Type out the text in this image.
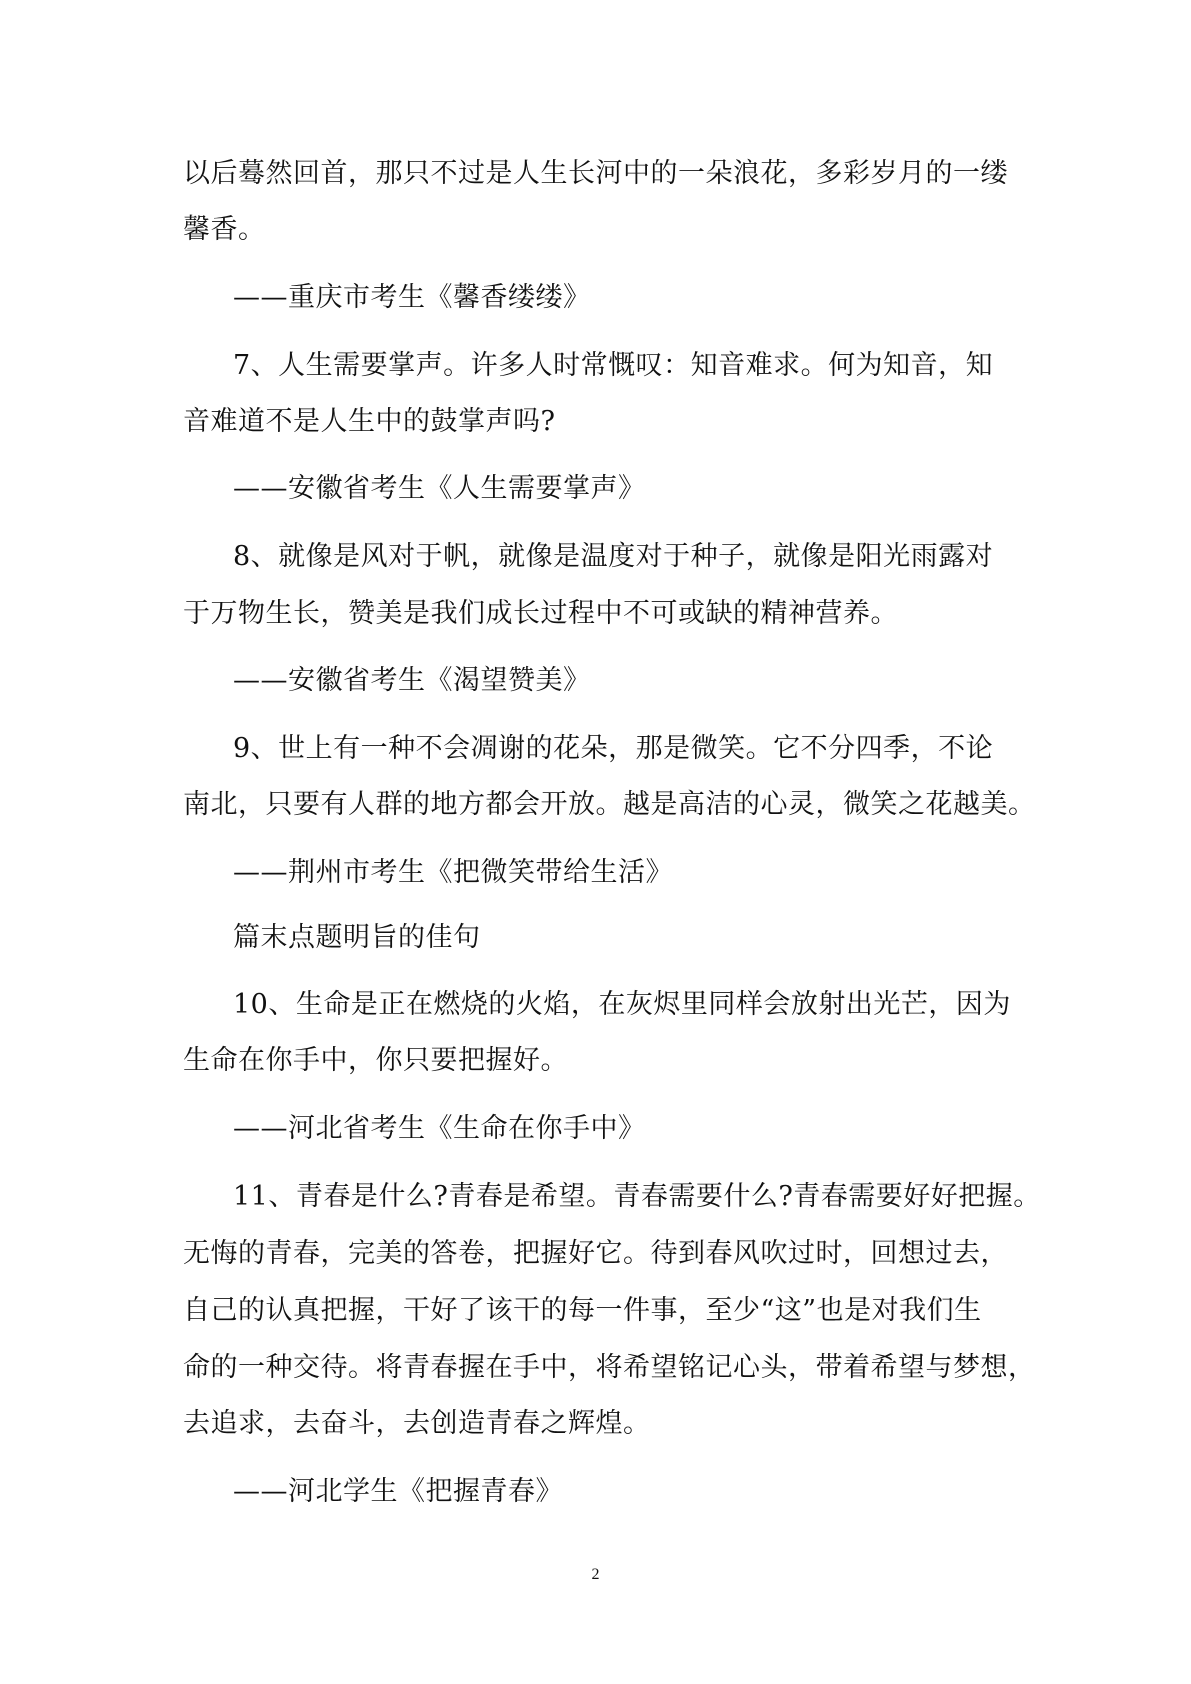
以后蓦然回首，那只不过是人生长河中的一朵浪花，多彩岁月的一缕
馨香。
——重庆市考生《馨香缕缕》
7、人生需要掌声。许多人时常慨叹：知音难求。何为知音，知
音难道不是人生中的鼓掌声吗?
——安徽省考生《人生需要掌声》
8、就像是风对于帆，就像是温度对于种子，就像是阳光雨露对
于万物生长，赞美是我们成长过程中不可或缺的精神营养。
——安徽省考生《渴望赞美》
9、世上有一种不会凋谢的花朵，那是微笑。它不分四季，不论
南北，只要有人群的地方都会开放。越是高洁的心灵，微笑之花越美。
——荆州市考生《把微笑带给生活》
篇末点题明旨的佳句
10、生命是正在燃烧的火焰，在灰烬里同样会放射出光芒，因为
生命在你手中，你只要把握好。
——河北省考生《生命在你手中》
11、青春是什么?青春是希望。青春需要什么?青春需要好好把握。
无悔的青春，完美的答卷，把握好它。待到春风吹过时，回想过去，
自己的认真把握，干好了该干的每一件事，至少“这”也是对我们生
命的一种交待。将青春握在手中，将希望铭记心头，带着希望与梦想，
去追求，去奋斗，去创造青春之辉煌。
——河北学生《把握青春》
2
